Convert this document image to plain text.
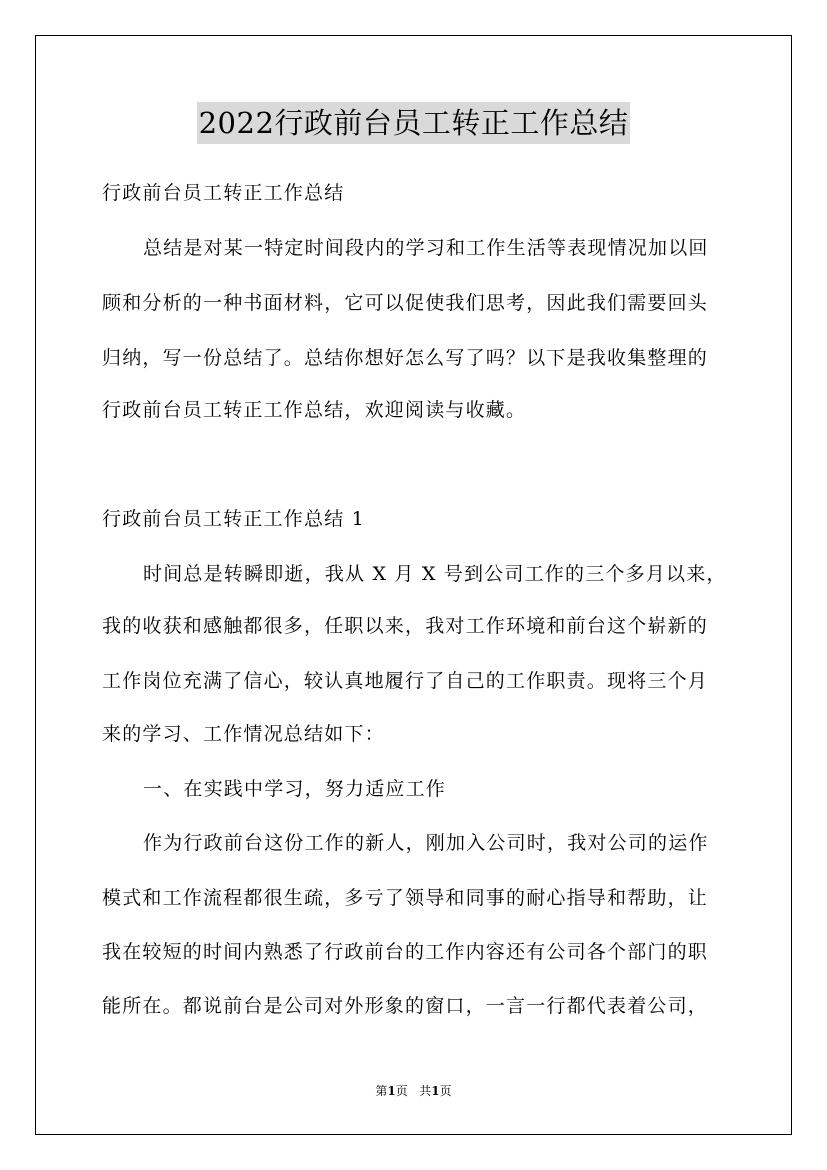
2022行政前台员工转正工作总结
行政前台员工转正工作总结
总结是对某一特定时间段内的学习和工作生活等表现情况加以回
顾和分析的一种书面材料，它可以促使我们思考，因此我们需要回头
归纳，写一份总结了。总结你想好怎么写了吗？以下是我收集整理的
行政前台员工转正工作总结，欢迎阅读与收藏。
行政前台员工转正工作总结 1
时间总是转瞬即逝，我从 X 月 X 号到公司工作的三个多月以来，
我的收获和感触都很多，任职以来，我对工作环境和前台这个崭新的
工作岗位充满了信心，较认真地履行了自己的工作职责。现将三个月
来的学习、工作情况总结如下：
一、在实践中学习，努力适应工作
作为行政前台这份工作的新人，刚加入公司时，我对公司的运作
模式和工作流程都很生疏，多亏了领导和同事的耐心指导和帮助，让
我在较短的时间内熟悉了行政前台的工作内容还有公司各个部门的职
能所在。都说前台是公司对外形象的窗口，一言一行都代表着公司，
第1页 共1页
